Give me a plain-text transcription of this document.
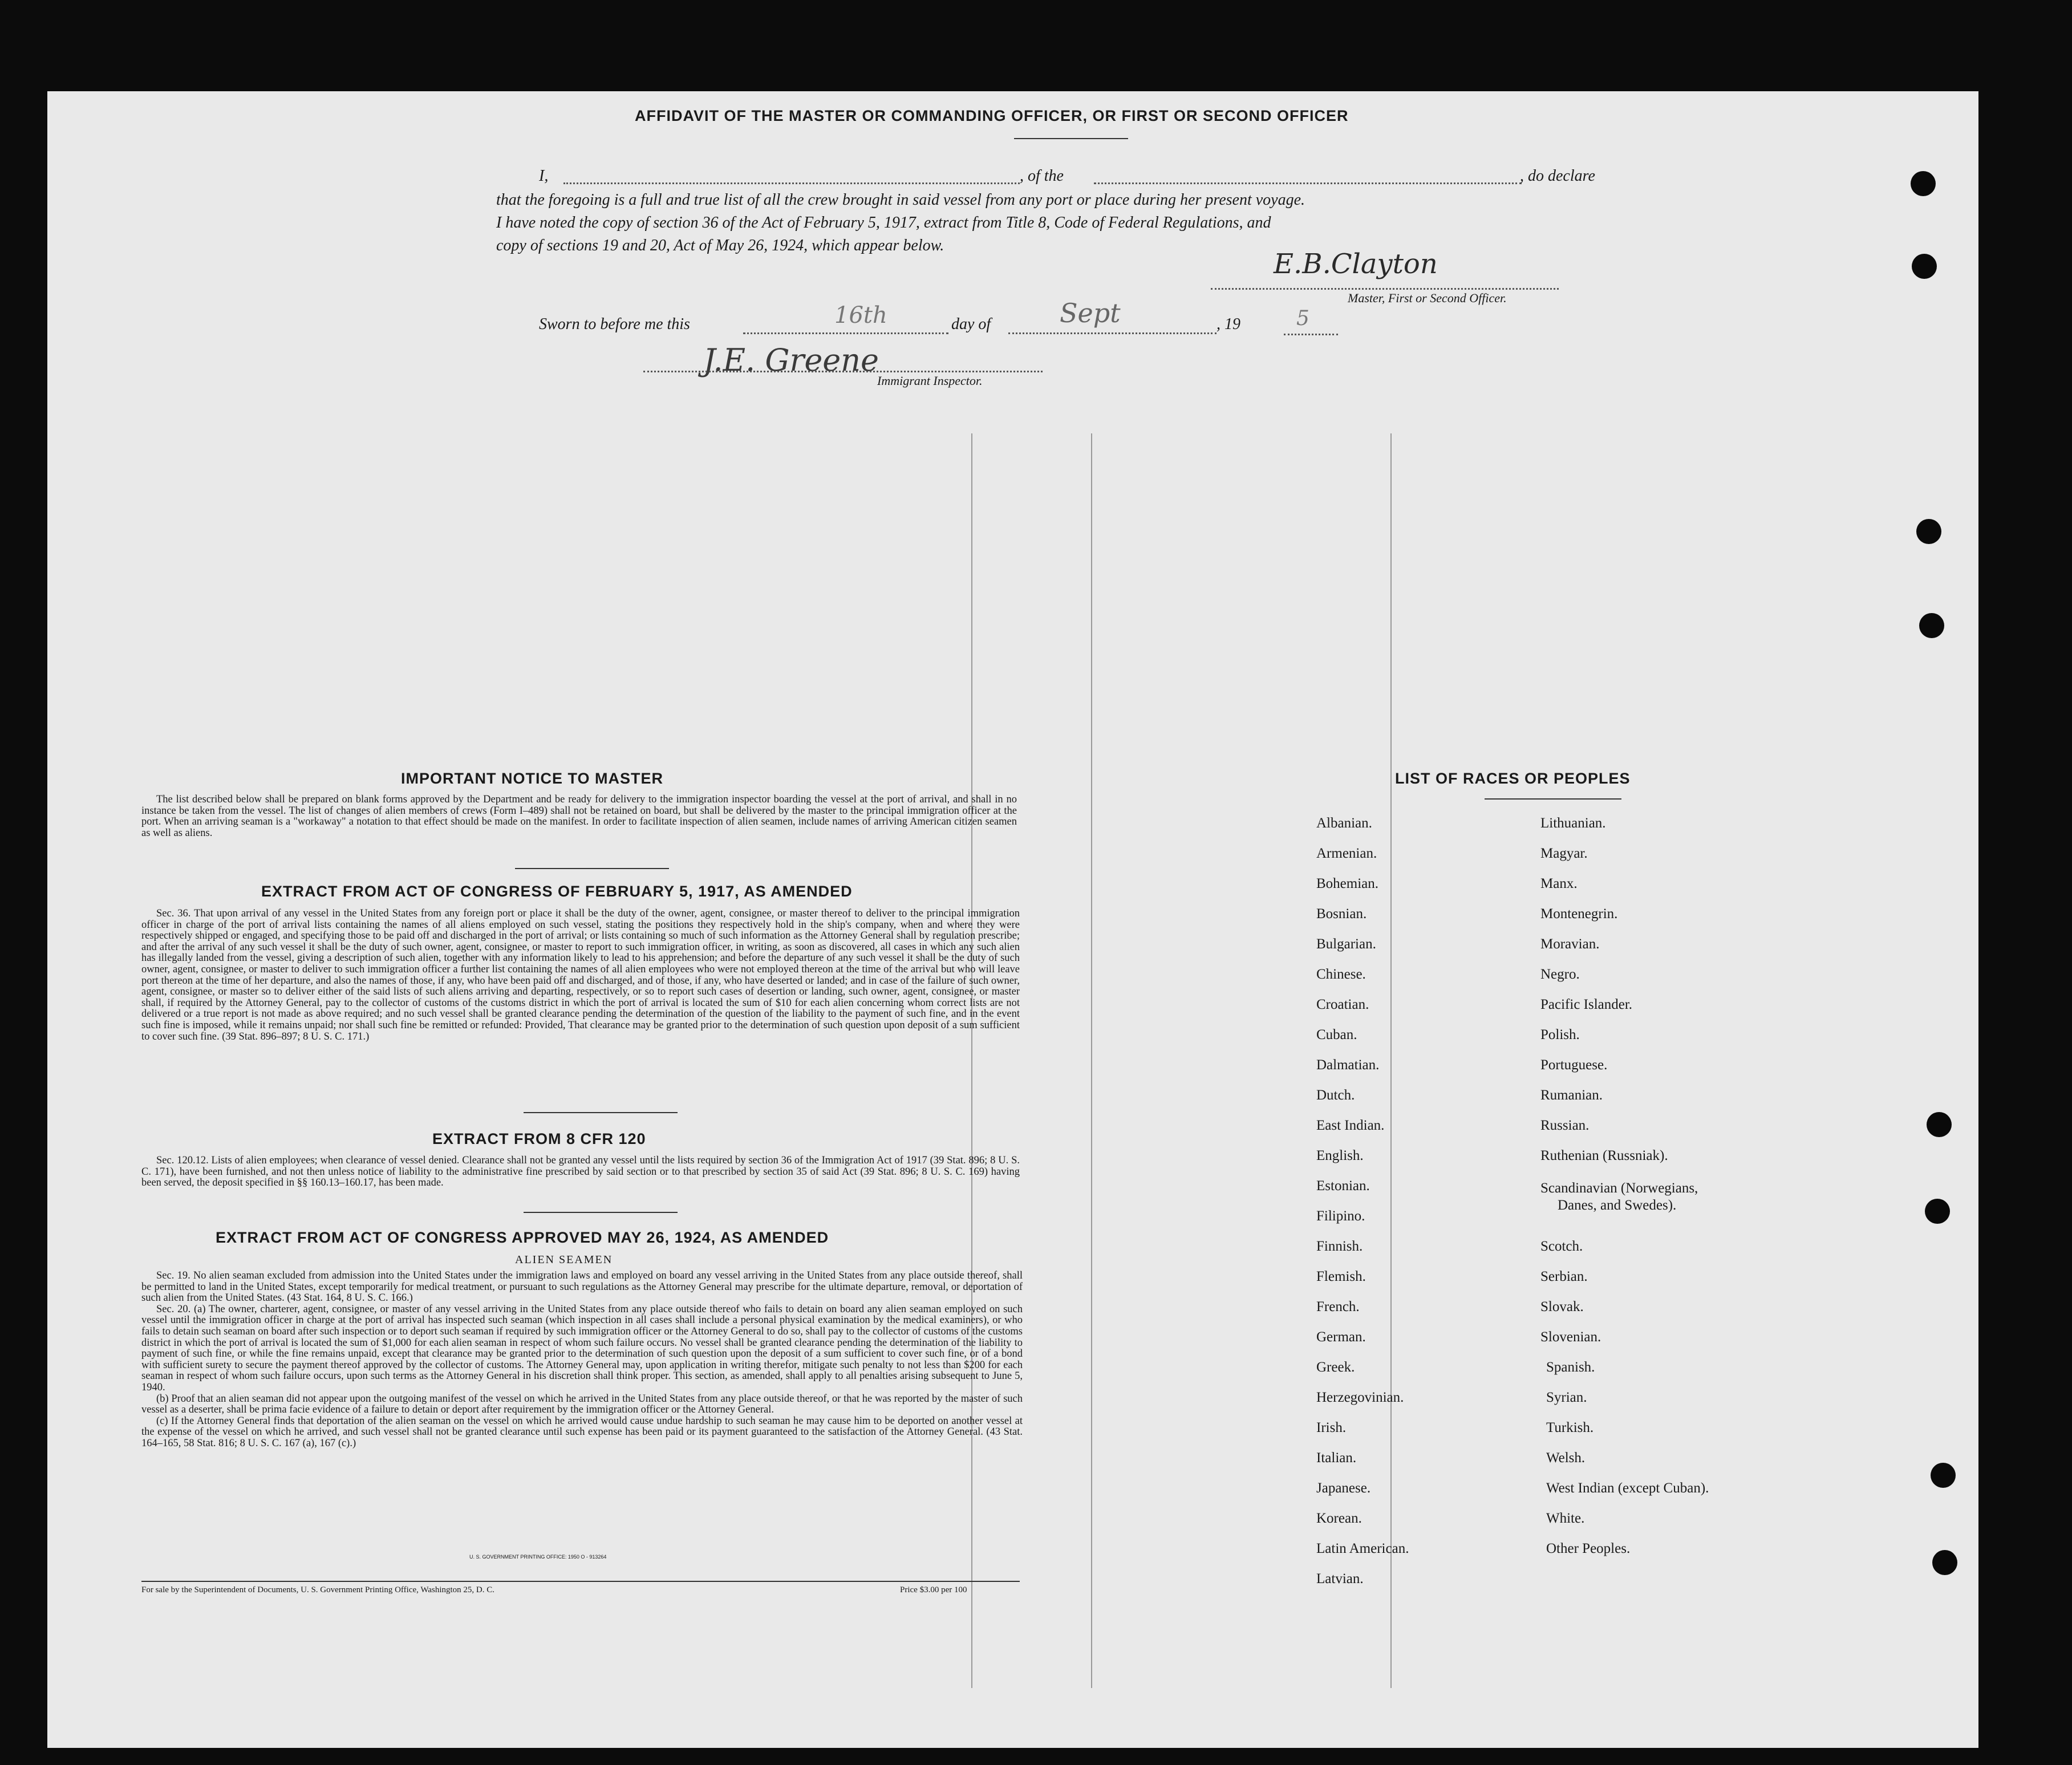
AFFIDAVIT OF THE MASTER OR COMMANDING OFFICER, OR FIRST OR SECOND OFFICER
I,	, of the	, do declare
that the foregoing is a full and true list of all the crew brought in said vessel from any port or place during her present voyage.
I have noted the copy of section 36 of the Act of February 5, 1917, extract from Title 8, Code of Federal Regulations, and
copy of sections 19 and 20, Act of May 26, 1924, which appear below.
E.B.Clayton
Master, First or Second Officer.
Sworn to before me this	16th	day of	Sept	, 19	5
J.E. Greene
Immigrant Inspector.
IMPORTANT NOTICE TO MASTER

The list described below shall be prepared on blank forms approved by the Department and be ready for delivery to the immigration inspector boarding the vessel at the port of arrival, and shall in no instance be taken from the vessel. The list of changes of alien members of crews (Form I–489) shall not be retained on board, but shall be delivered by the master to the principal immigration officer at the port. When an arriving seaman is a "workaway" a notation to that effect should be made on the manifest. In order to facilitate inspection of alien seamen, include names of arriving American citizen seamen as well as aliens.

EXTRACT FROM ACT OF CONGRESS OF FEBRUARY 5, 1917, AS AMENDED

Sec. 36. That upon arrival of any vessel in the United States from any foreign port or place it shall be the duty of the owner, agent, consignee, or master thereof to deliver to the principal immigration officer in charge of the port of arrival lists containing the names of all aliens employed on such vessel, stating the positions they respectively hold in the ship's company, when and where they were respectively shipped or engaged, and specifying those to be paid off and discharged in the port of arrival; or lists containing so much of such information as the Attorney General shall by regulation prescribe; and after the arrival of any such vessel it shall be the duty of such owner, agent, consignee, or master to report to such immigration officer, in writing, as soon as discovered, all cases in which any such alien has illegally landed from the vessel, giving a description of such alien, together with any information likely to lead to his apprehension; and before the departure of any such vessel it shall be the duty of such owner, agent, consignee, or master to deliver to such immigration officer a further list containing the names of all alien employees who were not employed thereon at the time of the arrival but who will leave port thereon at the time of her departure, and also the names of those, if any, who have been paid off and discharged, and of those, if any, who have deserted or landed; and in case of the failure of such owner, agent, consignee, or master so to deliver either of the said lists of such aliens arriving and departing, respectively, or so to report such cases of desertion or landing, such owner, agent, consignee, or master shall, if required by the Attorney General, pay to the collector of customs of the customs district in which the port of arrival is located the sum of $10 for each alien concerning whom correct lists are not delivered or a true report is not made as above required; and no such vessel shall be granted clearance pending the determination of the question of the liability to the payment of such fine, and in the event such fine is imposed, while it remains unpaid; nor shall such fine be remitted or refunded: Provided, That clearance may be granted prior to the determination of such question upon deposit of a sum sufficient to cover such fine. (39 Stat. 896–897; 8 U. S. C. 171.)

EXTRACT FROM 8 CFR 120

Sec. 120.12. Lists of alien employees; when clearance of vessel denied. Clearance shall not be granted any vessel until the lists required by section 36 of the Immigration Act of 1917 (39 Stat. 896; 8 U. S. C. 171), have been furnished, and not then unless notice of liability to the administrative fine prescribed by said section or to that prescribed by section 35 of said Act (39 Stat. 896; 8 U. S. C. 169) having been served, the deposit specified in §§ 160.13–160.17, has been made.

EXTRACT FROM ACT OF CONGRESS APPROVED MAY 26, 1924, AS AMENDED
ALIEN SEAMEN

Sec. 19. No alien seaman excluded from admission into the United States under the immigration laws and employed on board any vessel arriving in the United States from any place outside thereof, shall be permitted to land in the United States, except temporarily for medical treatment, or pursuant to such regulations as the Attorney General may prescribe for the ultimate departure, removal, or deportation of such alien from the United States. (43 Stat. 164, 8 U. S. C. 166.)

Sec. 20. (a) The owner, charterer, agent, consignee, or master of any vessel arriving in the United States from any place outside thereof who fails to detain on board any alien seaman employed on such vessel until the immigration officer in charge at the port of arrival has inspected such seaman (which inspection in all cases shall include a personal physical examination by the medical examiners), or who fails to detain such seaman on board after such inspection or to deport such seaman if required by such immigration officer or the Attorney General to do so, shall pay to the collector of customs of the customs district in which the port of arrival is located the sum of $1,000 for each alien seaman in respect of whom such failure occurs. No vessel shall be granted clearance pending the determination of the liability to payment of such fine, or while the fine remains unpaid, except that clearance may be granted prior to the determination of such question upon the deposit of a sum sufficient to cover such fine, or of a bond with sufficient surety to secure the payment thereof approved by the collector of customs. The Attorney General may, upon application in writing therefor, mitigate such penalty to not less than $200 for each seaman in respect of whom such failure occurs, upon such terms as the Attorney General in his discretion shall think proper. This section, as amended, shall apply to all penalties arising subsequent to June 5, 1940.

(b) Proof that an alien seaman did not appear upon the outgoing manifest of the vessel on which he arrived in the United States from any place outside thereof, or that he was reported by the master of such vessel as a deserter, shall be prima facie evidence of a failure to detain or deport after requirement by the immigration officer or the Attorney General.

(c) If the Attorney General finds that deportation of the alien seaman on the vessel on which he arrived would cause undue hardship to such seaman he may cause him to be deported on another vessel at the expense of the vessel on which he arrived, and such vessel shall not be granted clearance until such expense has been paid or its payment guaranteed to the satisfaction of the Attorney General. (43 Stat. 164–165, 58 Stat. 816; 8 U. S. C. 167 (a), 167 (c).)

U. S. GOVERNMENT PRINTING OFFICE: 1950 O - 913264
For sale by the Superintendent of Documents, U. S. Government Printing Office, Washington 25, D. C.	Price $3.00 per 100
LIST OF RACES OR PEOPLES
Albanian.
Armenian.
Bohemian.
Bosnian.
Bulgarian.
Chinese.
Croatian.
Cuban.
Dalmatian.
Dutch.
East Indian.
English.
Estonian.
Filipino.
Finnish.
Flemish.
French.
German.
Greek.
Herzegovinian.
Irish.
Italian.
Japanese.
Korean.
Latin American.
Latvian.
Lithuanian.
Magyar.
Manx.
Montenegrin.
Moravian.
Negro.
Pacific Islander.
Polish.
Portuguese.
Rumanian.
Russian.
Ruthenian (Russniak).
Scandinavian (Norwegians,
Danes, and Swedes).
Scotch.
Serbian.
Slovak.
Slovenian.
Spanish.
Syrian.
Turkish.
Welsh.
West Indian (except Cuban).
White.
Other Peoples.
